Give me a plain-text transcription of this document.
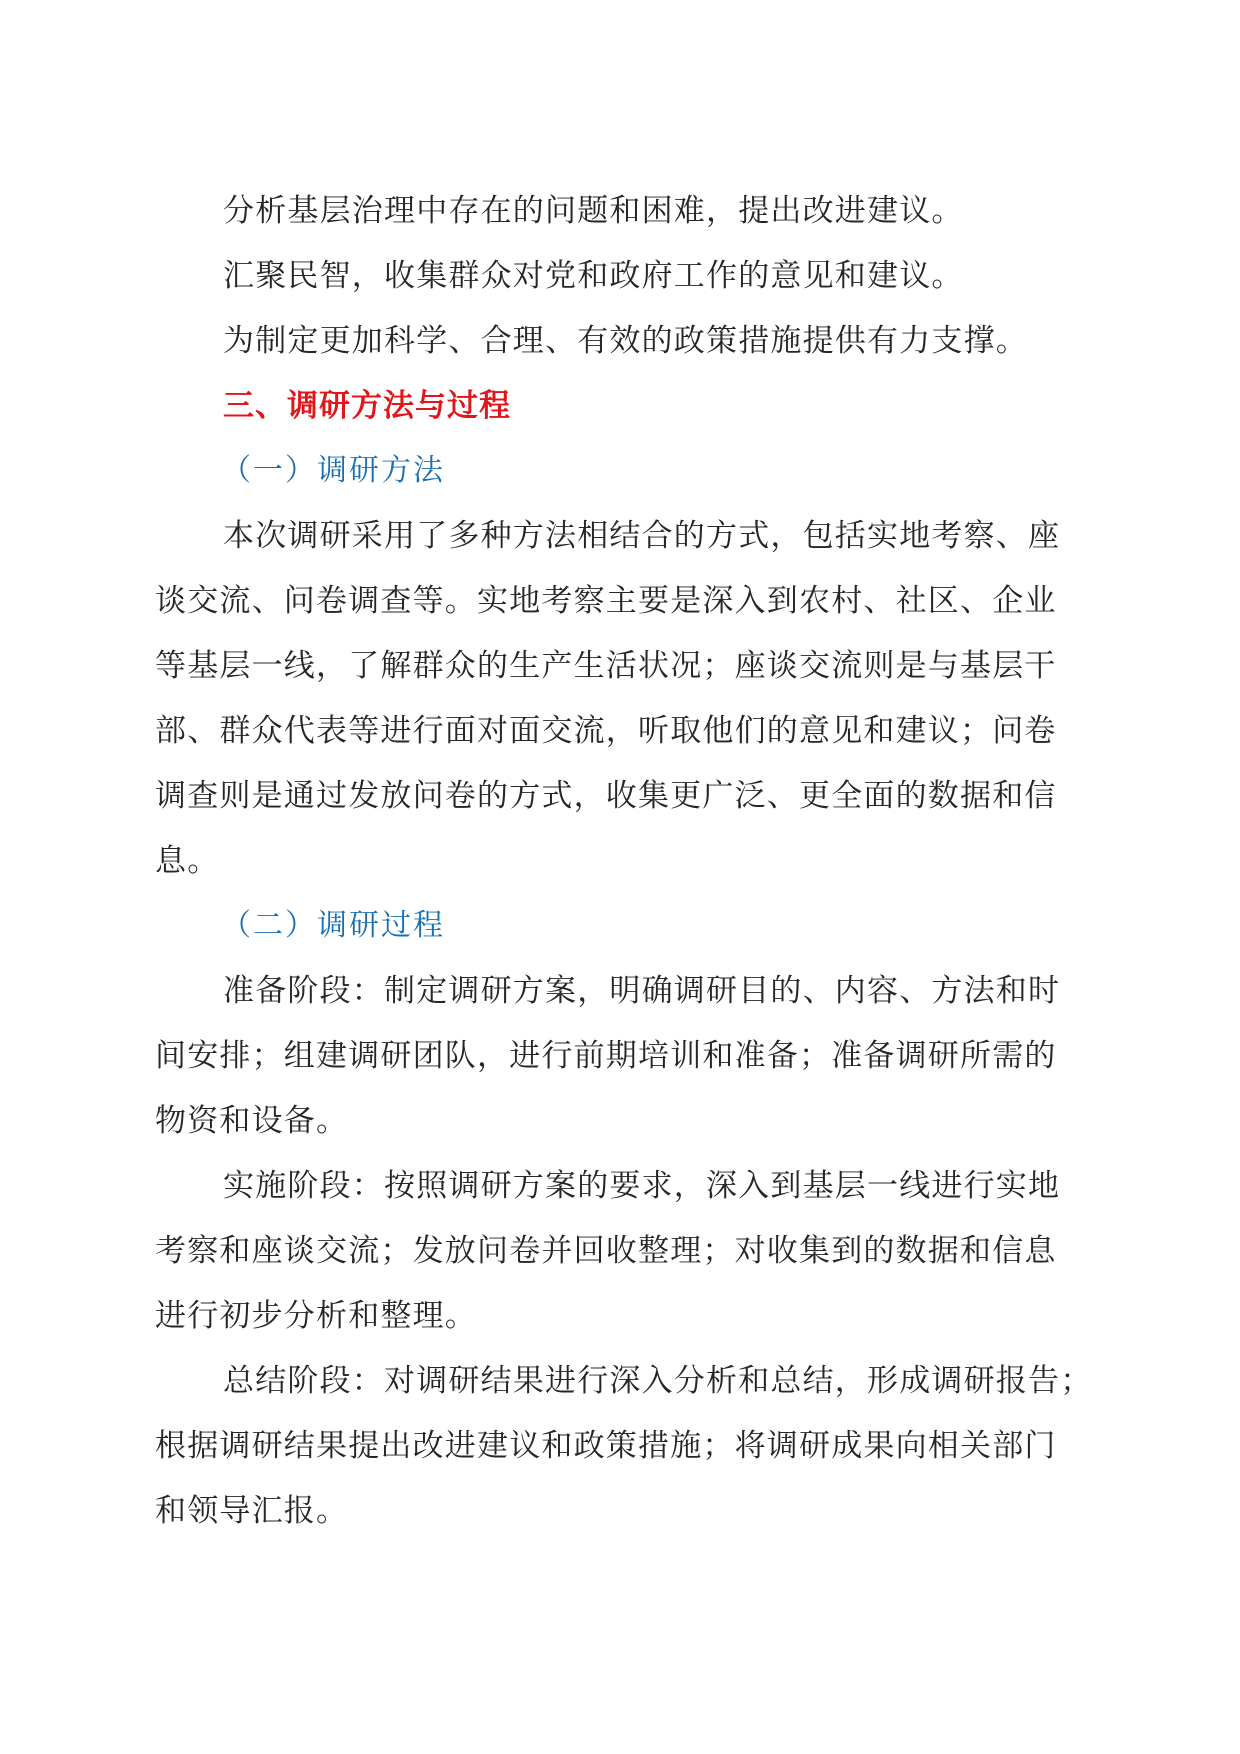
分析基层治理中存在的问题和困难，提出改进建议。
汇聚民智，收集群众对党和政府工作的意见和建议。
为制定更加科学、合理、有效的政策措施提供有力支撑。
三、调研方法与过程
（一）调研方法
本次调研采用了多种方法相结合的方式，包括实地考察、座
谈交流、问卷调查等。实地考察主要是深入到农村、社区、企业
等基层一线，了解群众的生产生活状况；座谈交流则是与基层干
部、群众代表等进行面对面交流，听取他们的意见和建议；问卷
调查则是通过发放问卷的方式，收集更广泛、更全面的数据和信
息。
（二）调研过程
准备阶段：制定调研方案，明确调研目的、内容、方法和时
间安排；组建调研团队，进行前期培训和准备；准备调研所需的
物资和设备。
实施阶段：按照调研方案的要求，深入到基层一线进行实地
考察和座谈交流；发放问卷并回收整理；对收集到的数据和信息
进行初步分析和整理。
总结阶段：对调研结果进行深入分析和总结，形成调研报告；
根据调研结果提出改进建议和政策措施；将调研成果向相关部门
和领导汇报。
